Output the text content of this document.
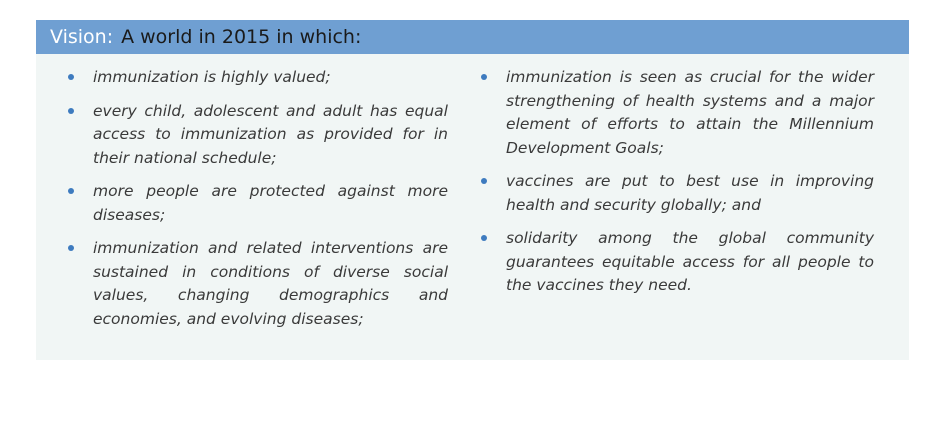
Vision: A world in 2015 in which:
immunization is highly valued;
every child, adolescent and adult has equal access to immunization as provided for in their national schedule;
more people are protected against more diseases;
immunization and related interventions are sustained in conditions of diverse social values, changing demographics and economies, and evolving diseases;
immunization is seen as crucial for the wider strengthening of health systems and a major element of efforts to attain the Millennium Development Goals;
vaccines are put to best use in improving health and security globally; and
solidarity among the global community guarantees equitable access for all people to the vaccines they need.
